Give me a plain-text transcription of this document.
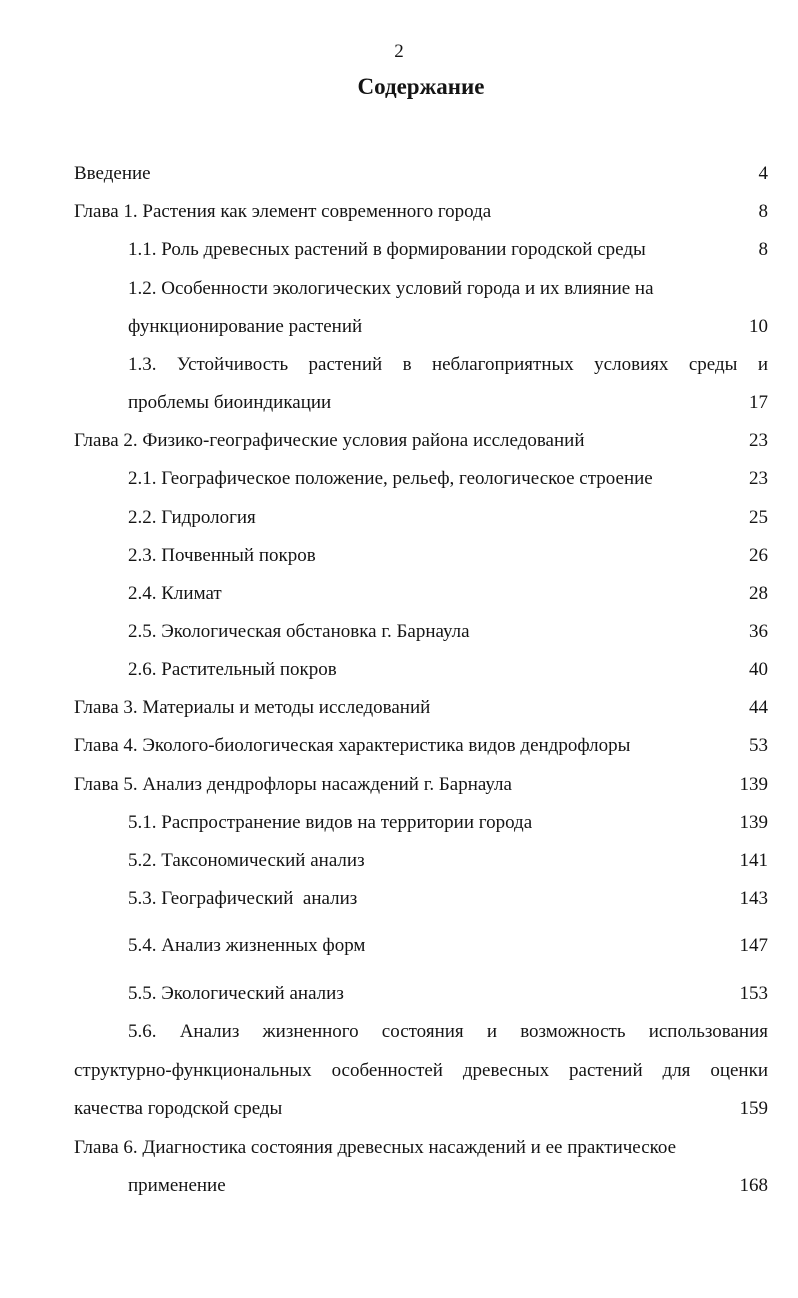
2
Содержание
Введение	4
Глава 1. Растения как элемент современного города	8
1.1. Роль древесных растений в формировании городской среды	8
1.2. Особенности экологических условий города и их влияние на
функционирование растений	10
1.3. Устойчивость растений в неблагоприятных условиях среды и
проблемы биоиндикации	17
Глава 2. Физико-географические условия района исследований	23
2.1. Географическое положение, рельеф, геологическое строение	23
2.2. Гидрология	25
2.3. Почвенный покров	26
2.4. Климат	28
2.5. Экологическая обстановка г. Барнаула	36
2.6. Растительный покров	40
Глава 3. Материалы и методы исследований	44
Глава 4. Эколого-биологическая характеристика видов дендрофлоры	53
Глава 5. Анализ дендрофлоры насаждений г. Барнаула	139
5.1. Распространение видов на территории города	139
5.2. Таксономический анализ	141
5.3. Географический  анализ	143
5.4. Анализ жизненных форм	147
5.5. Экологический анализ	153
5.6. Анализ жизненного состояния и возможность использования
структурно-функциональных особенностей древесных растений для оценки
качества городской среды	159
Глава 6. Диагностика состояния древесных насаждений и ее практическое
применение	168
